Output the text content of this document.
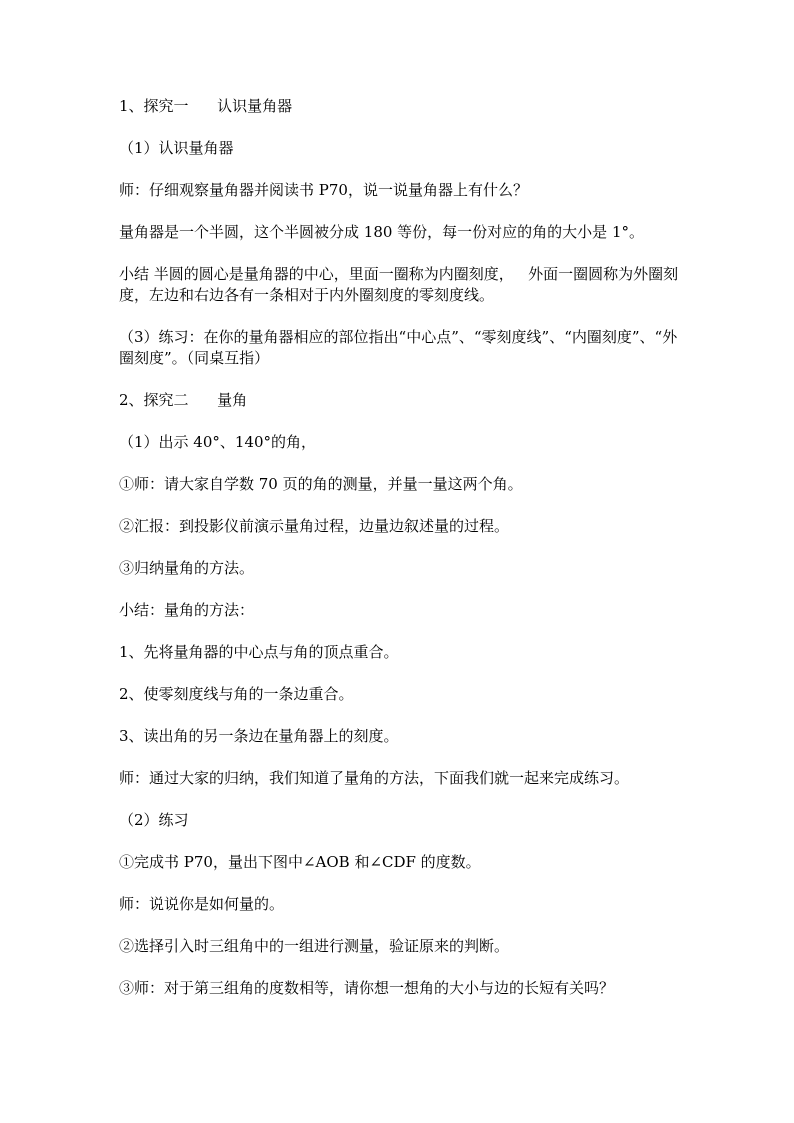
1、探究一      认识量角器

（1）认识量角器

师：仔细观察量角器并阅读书 P70，说一说量角器上有什么？

量角器是一个半圆，这个半圆被分成 180 等份，每一份对应的角的大小是 1°。

小结 半圆的圆心是量角器的中心，里面一圈称为内圈刻度，   外面一圈圆称为外圈刻度，左边和右边各有一条相对于内外圈刻度的零刻度线。

（3）练习：在你的量角器相应的部位指出“中心点”、“零刻度线”、“内圈刻度”、“外圈刻度”。（同桌互指）

2、探究二      量角

（1）出示 40°、140°的角，

①师：请大家自学数 70 页的角的测量，并量一量这两个角。

②汇报：到投影仪前演示量角过程，边量边叙述量的过程。

③归纳量角的方法。

小结：量角的方法：

1、先将量角器的中心点与角的顶点重合。

2、使零刻度线与角的一条边重合。

3、读出角的另一条边在量角器上的刻度。

师：通过大家的归纳，我们知道了量角的方法，下面我们就一起来完成练习。

（2）练习

①完成书 P70，量出下图中∠AOB 和∠CDF 的度数。

师：说说你是如何量的。

②选择引入时三组角中的一组进行测量，验证原来的判断。

③师：对于第三组角的度数相等，请你想一想角的大小与边的长短有关吗？
